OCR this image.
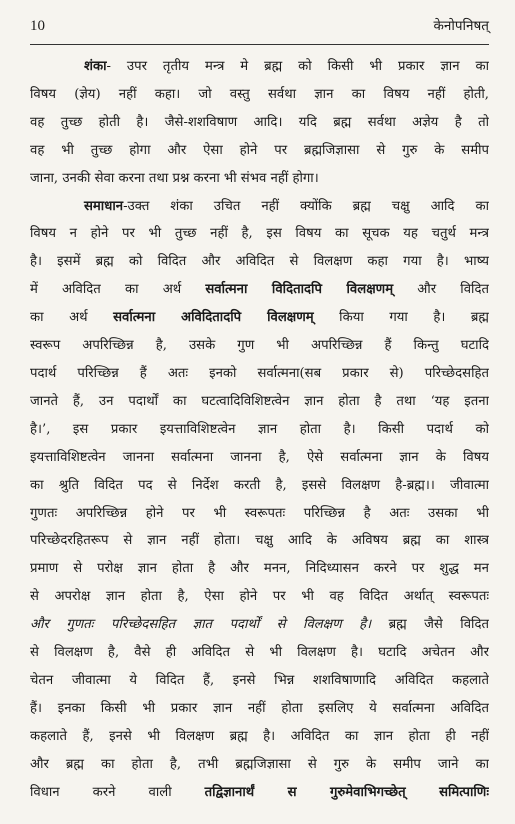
10	केनोपनिषत्
शंका- उपर तृतीय मन्त्र मे ब्रह्म को किसी भी प्रकार ज्ञान का
विषय (ज्ञेय) नहीं कहा। जो वस्तु सर्वथा ज्ञान का विषय नहीं होती,
वह तुच्छ होती है। जैसे-शशविषाण आदि। यदि ब्रह्म सर्वथा अज्ञेय है तो
वह भी तुच्छ होगा और ऐसा होने पर ब्रह्मजिज्ञासा से गुरु के समीप
जाना, उनकी सेवा करना तथा प्रश्न करना भी संभव नहीं होगा।
समाधान-उक्त शंका उचित नहीं क्योंकि ब्रह्म चक्षु आदि का
विषय न होने पर भी तुच्छ नहीं है, इस विषय का सूचक यह चतुर्थ मन्त्र
है। इसमें ब्रह्म को विदित और अविदित से विलक्षण कहा गया है। भाष्य
में अविदित का अर्थ सर्वात्मना विदितादपि विलक्षणम् और विदित
का अर्थ सर्वात्मना अविदितादपि विलक्षणम् किया गया है। ब्रह्म
स्वरूप अपरिच्छिन्न है, उसके गुण भी अपरिच्छिन्न हैं किन्तु घटादि
पदार्थ परिच्छिन्न हैं अतः इनको सर्वात्मना(सब प्रकार से) परिच्छेदसहित
जानते हैं, उन पदार्थों का घटत्वादिविशिष्टत्वेन ज्ञान होता है तथा ‘यह इतना
है।’, इस प्रकार इयत्ताविशिष्टत्वेन ज्ञान होता है। किसी पदार्थ को
इयत्ताविशिष्टत्वेन जानना सर्वात्मना जानना है, ऐसे सर्वात्मना ज्ञान के विषय
का श्रुति विदित पद से निर्देश करती है, इससे विलक्षण है-ब्रह्म।। जीवात्मा
गुणतः अपरिच्छिन्न होने पर भी स्वरूपतः परिच्छिन्न है अतः उसका भी
परिच्छेदरहितरूप से ज्ञान नहीं होता। चक्षु आदि के अविषय ब्रह्म का शास्त्र
प्रमाण से परोक्ष ज्ञान होता है और मनन, निदिध्यासन करने पर शुद्ध मन
से अपरोक्ष ज्ञान होता है, ऐसा होने पर भी वह विदित अर्थात् स्वरूपतः
और गुणतः परिच्छेदसहित ज्ञात पदार्थों से विलक्षण है। ब्रह्म जैसे विदित
से विलक्षण है, वैसे ही अविदित से भी विलक्षण है। घटादि अचेतन और
चेतन जीवात्मा ये विदित हैं, इनसे भिन्न शशविषाणादि अविदित कहलाते
हैं। इनका किसी भी प्रकार ज्ञान नहीं होता इसलिए ये सर्वात्मना अविदित
कहलाते हैं, इनसे भी विलक्षण ब्रह्म है। अविदित का ज्ञान होता ही नहीं
और ब्रह्म का होता है, तभी ब्रह्मजिज्ञासा से गुरु के समीप जाने का
विधान करने वाली तद्विज्ञानार्थं स गुरुमेवाभिगच्छेत् समित्पाणिः
